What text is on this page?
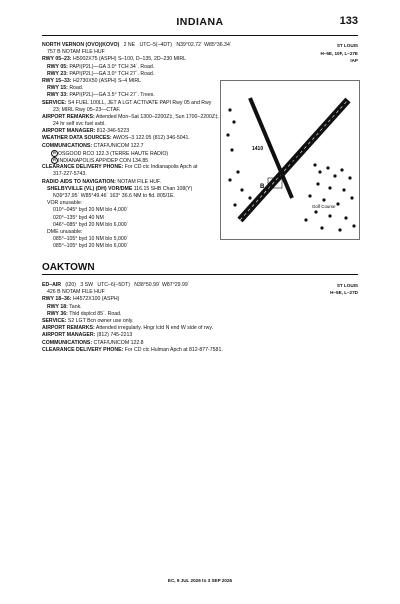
INDIANA	133
NORTH VERNON (OVO)(KOVO) 2 NE UTC–5(–4DT) N39°02.72´ W85°36.34´	ST LOUIS
757 B NOTAM FILE HUF
RWY 05–23: H5002X75 (ASPH) S–100, D–135, 2D–230 MIRL
RWY 05: PAPI(P2L)—GA 3.0° TCH 34´. Road.
RWY 23: PAPI(P2L)—GA 3.0° TCH 27´. Road.
RWY 15–33: H2730X50 (ASPH) S–4 MIRL
RWY 15: Road.
RWY 33: PAPI(P2L)—GA 3.5° TCH 27´. Trees.
SERVICE: S4 FUEL 100LL, JET A LGT ACTIVATE PAPI Rwy 05 and Rwy
23; MIRL Rwy 05–23—CTAF.
AIRPORT REMARKS: Attended Mon–Sat 1300–2200Z‡, Sun 1700–2200Z‡.
24 hr self svc fuel avbl.
AIRPORT MANAGER: 812-346-5223
WEATHER DATA SOURCES: AWOS–3 122.05 (812) 346-5041.
COMMUNICATIONS: CTAF/UNICOM 122.7
R OSGOOD RCO 122.3 (TERRE HAUTE RADIO)
R INDIANAPOLIS APP/DEP CON 134.85
CLEARANCE DELIVERY PHONE: For CD ctc Indianapolis Apch at
317-227-5743.
RADIO AIDS TO NAVIGATION: NOTAM FILE HUF.
SHELBYVILLE (VL) (DH) VOR/DME 116.15 SHB Chan 108(Y)
N39°37.95´ W85°49.46´ 163° 36.6 NM to fld. 805/1E.
VOR unusable:
010°–045° byd 20 NM blo 4,000´
020°–135° byd 40 NM
046°–085° byd 20 NM blo 6,000´
DME unusable:
085°–105° byd 10 NM blo 5,000´
085°–105° byd 20 NM blo 6,000´
H–5E, 10F, L–27E
IAP
1410
B
2730 X 50 5002 X 75
Golf Course
OAKTOWN
ED–AIR (I20) 3 SW UTC–6(–5DT) N38°50.99´ W87°29.99´	ST LOUIS
426 B NOTAM FILE HUF
RWY 18–36: H4572X100 (ASPH)
RWY 18: Tank.
RWY 36: Thld dsplcd 85´. Road.
SERVICE: S2 LGT Bcn owner use only.
AIRPORT REMARKS: Attended irregularly. Hngr lctd N end W side of rwy.
AIRPORT MANAGER: (812) 745-2213
COMMUNICATIONS: CTAF/UNICOM 122.8
CLEARANCE DELIVERY PHONE: For CD ctc Hulman Apch at 812-877-7581.
H–5E, L–27D
EC, 9 JUL 2026 to 3 SEP 2026
